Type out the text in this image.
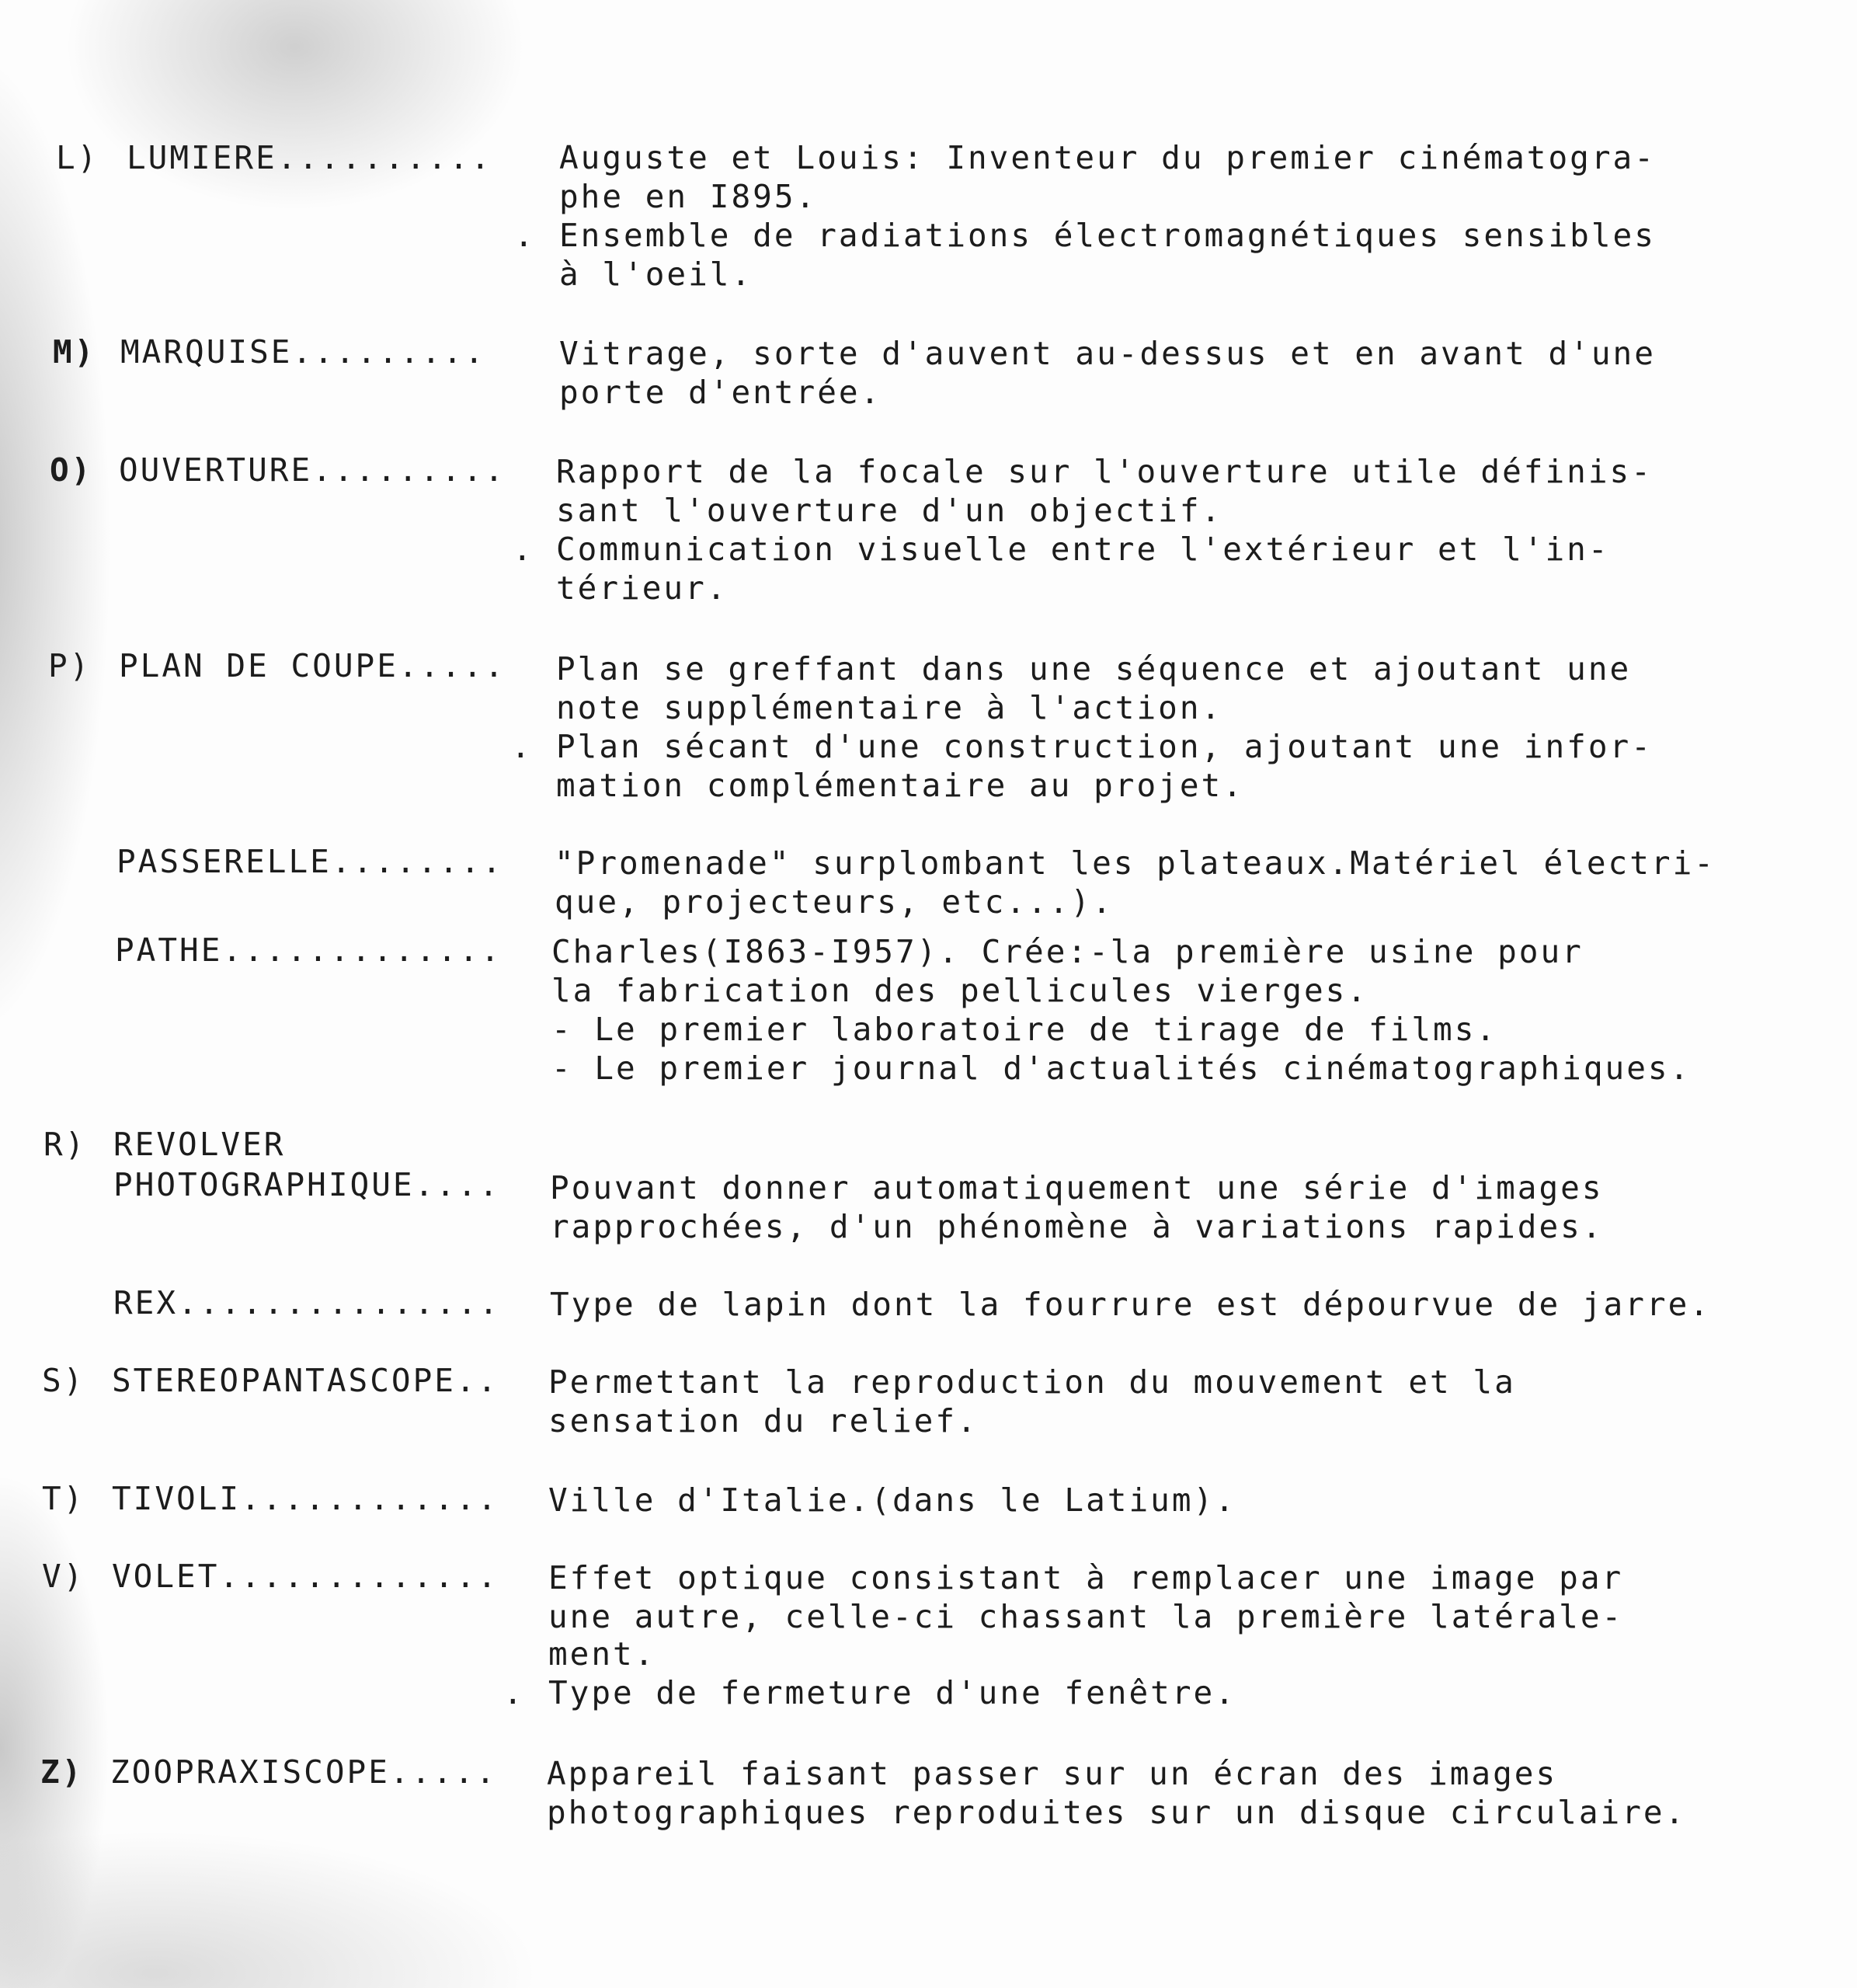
L) LUMIERE.......... Auguste et Louis: Inventeur du premier cinématogra-
phe en I895.
. Ensemble de radiations électromagnétiques sensibles
à l'oeil.
M) MARQUISE......... Vitrage, sorte d'auvent au-dessus et en avant d'une
porte d'entrée.
O) OUVERTURE......... Rapport de la focale sur l'ouverture utile définis-
sant l'ouverture d'un objectif.
. Communication visuelle entre l'extérieur et l'in-
térieur.
P) PLAN DE COUPE..... Plan se greffant dans une séquence et ajoutant une
note supplémentaire à l'action.
. Plan sécant d'une construction, ajoutant une infor-
mation complémentaire au projet.
PASSERELLE........ "Promenade" surplombant les plateaux.Matériel électri-
que, projecteurs, etc...).
PATHE............. Charles(I863-I957). Crée:-la première usine pour
la fabrication des pellicules vierges.
- Le premier laboratoire de tirage de films.
- Le premier journal d'actualités cinématographiques.
R) REVOLVER
PHOTOGRAPHIQUE.... Pouvant donner automatiquement une série d'images
rapprochées, d'un phénomène à variations rapides.
REX............... Type de lapin dont la fourrure est dépourvue de jarre.
S) STEREOPANTASCOPE.. Permettant la reproduction du mouvement et la
sensation du relief.
T) TIVOLI............ Ville d'Italie.(dans le Latium).
V) VOLET............. Effet optique consistant à remplacer une image par
une autre, celle-ci chassant la première latérale-
ment.
. Type de fermeture d'une fenêtre.
Z) ZOOPRAXISCOPE..... Appareil faisant passer sur un écran des images
photographiques reproduites sur un disque circulaire.
